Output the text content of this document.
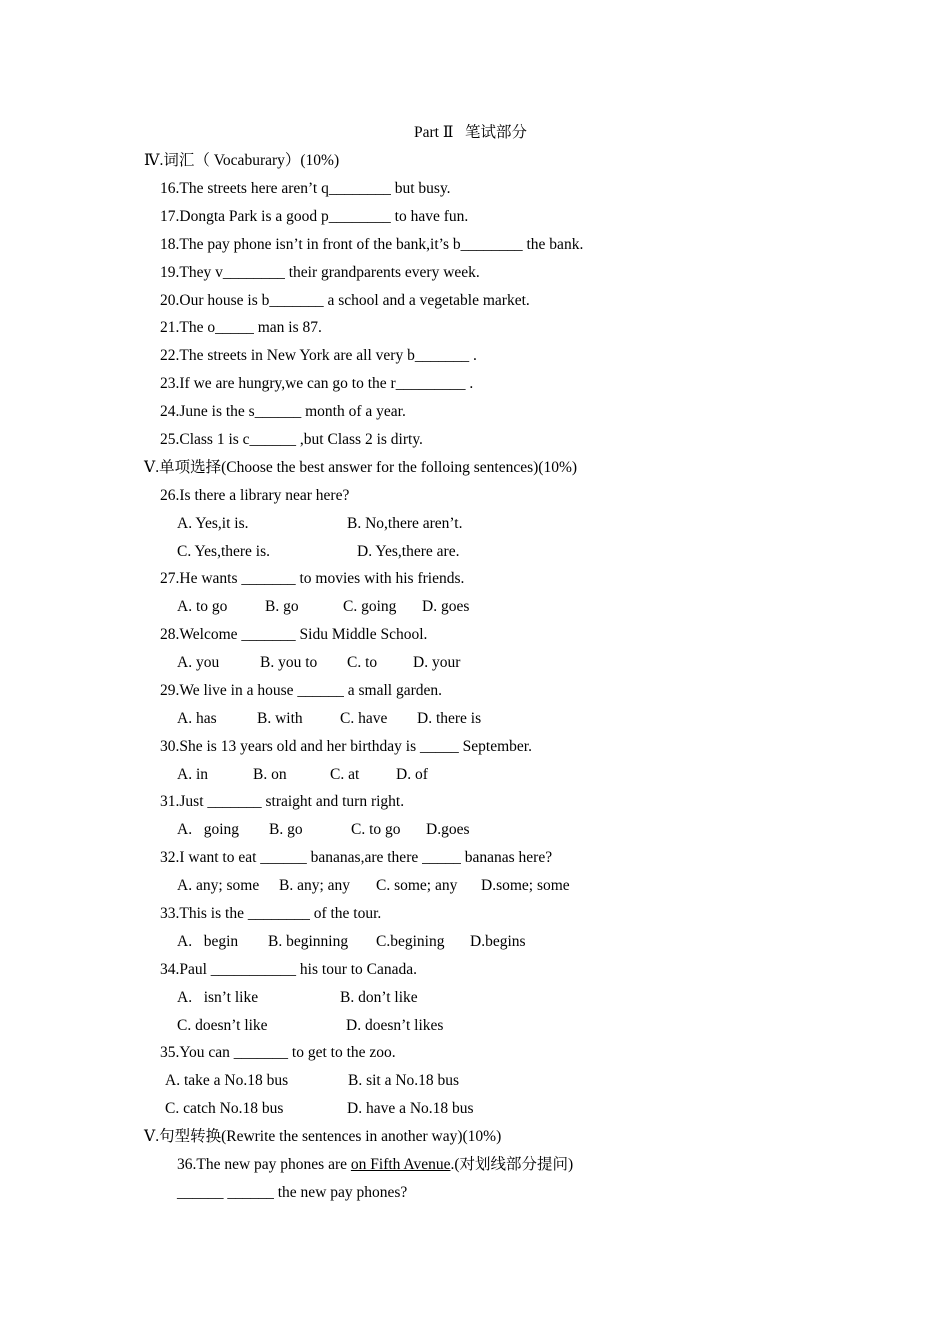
Part Ⅱ   笔试部分
Ⅳ.词汇（ Vocaburary）(10%)
16.The streets here aren’t q________ but busy.
17.Dongta Park is a good p________ to have fun.
18.The pay phone isn’t in front of the bank,it’s b________ the bank.
19.They v________ their grandparents every week.
20.Our house is b_______ a school and a vegetable market.
21.The o_____ man is 87.
22.The streets in New York are all very b_______ .
23.If we are hungry,we can go to the r_________ .
24.June is the s______ month of a year.
25.Class 1 is c______ ,but Class 2 is dirty.
Ⅴ.单项选择(Choose the best answer for the folloing sentences)(10%)
26.Is there a library near here?
A. Yes,it is.	B. No,there aren’t.
C. Yes,there is.	D. Yes,there are.
27.He wants _______ to movies with his friends.
A. to go B. go	C. going D. goes
28.Welcome _______ Sidu Middle School.
A. you	B. you to C. to D. your
29.We live in a house ______ a small garden.
A. has	B. with C. have D. there is
30.She is 13 years old and her birthday is _____ September.
A. in	B. on	C. at D. of
31.Just _______ straight and turn right.
A.   going B. go	C. to go D.goes
32.I want to eat ______ bananas,are there _____ bananas here?
A. any; some B. any; any C. some; any D.some; some
33.This is the ________ of the tour.
A.   begin B. beginning C.begining D.begins
34.Paul ___________ his tour to Canada.
A.   isn’t like	B. don’t like
C. doesn’t like	D. doesn’t likes
35.You can _______ to get to the zoo.
A. take a No.18 bus	B. sit a No.18 bus
C. catch No.18 bus	D. have a No.18 bus
Ⅴ.句型转换(Rewrite the sentences in another way)(10%)
36.The new pay phones are on Fifth Avenue.(对划线部分提问)
______ ______ the new pay phones?
